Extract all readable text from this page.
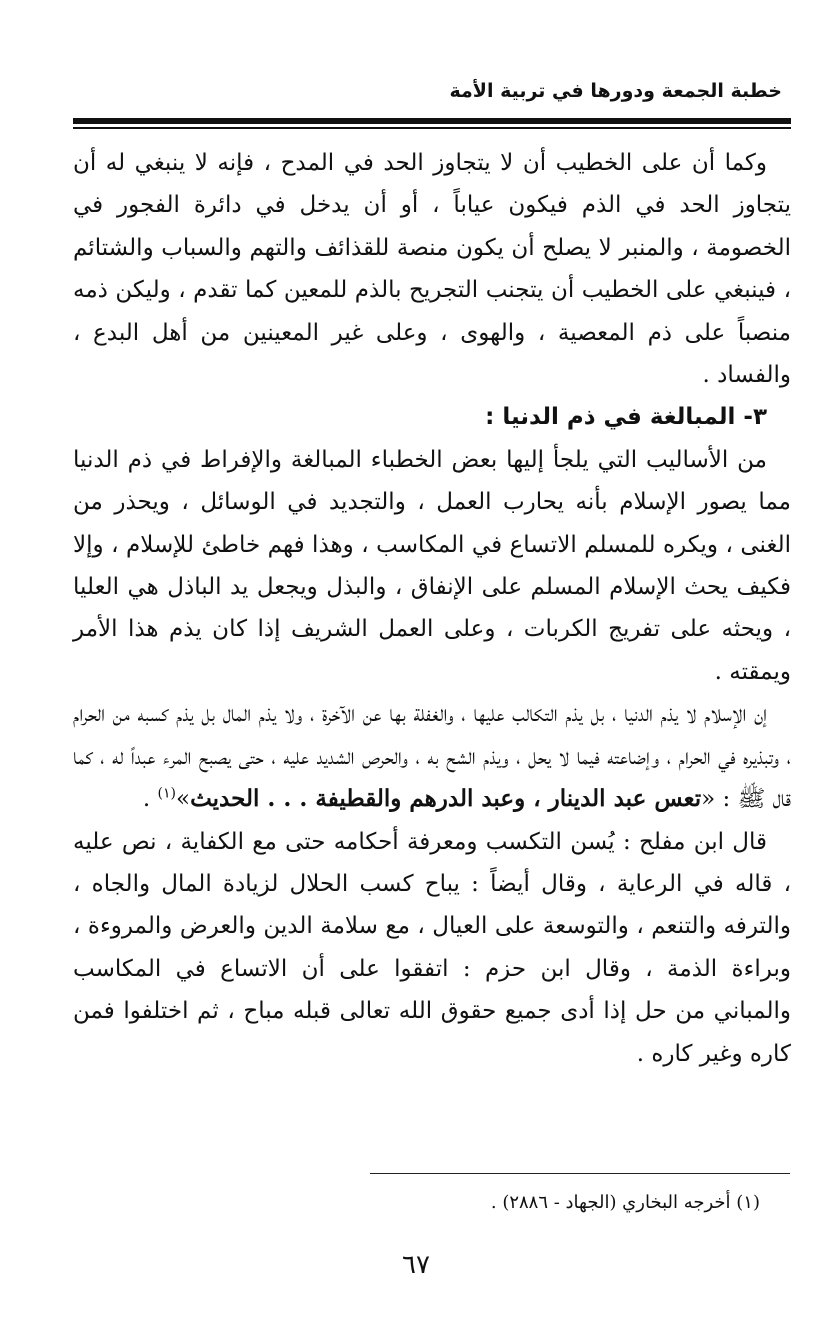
خطبة الجمعة ودورها في تربية الأمة

وكما أن على الخطيب أن لا يتجاوز الحد في المدح ، فإنه لا ينبغي له أن يتجاوز الحد في الذم فيكون عياباً ، أو أن يدخل في دائرة الفجور في الخصومة ، والمنبر لا يصلح أن يكون منصة للقذائف والتهم والسباب والشتائم ، فينبغي على الخطيب أن يتجنب التجريح بالذم للمعين كما تقدم ، وليكن ذمه منصباً على ذم المعصية ، والهوى ، وعلى غير المعينين من أهل البدع ، والفساد .

٣- المبالغة في ذم الدنيا :

من الأساليب التي يلجأ إليها بعض الخطباء المبالغة والإفراط في ذم الدنيا مما يصور الإسلام بأنه يحارب العمل ، والتجديد في الوسائل ، ويحذر من الغنى ، ويكره للمسلم الاتساع في المكاسب ، وهذا فهم خاطئ للإسلام ، وإلا فكيف يحث الإسلام المسلم على الإنفاق ، والبذل ويجعل يد الباذل هي العليا ، ويحثه على تفريج الكربات ، وعلى العمل الشريف إذا كان يذم هذا الأمر ويمقته .

إن الإسلام لا يذم الدنيا ، بل يذم التكالب عليها ، والغفلة بها عن الآخرة ، ولا يذم المال بل يذم كسبه من الحرام ، وتبذيره في الحرام ، وإضاعته فيما لا يحل ، ويذم الشح به ، والحرص الشديد عليه ، حتى يصبح المرء عبداً له ، كما قال ﷺ : «تعس عبد الدينار ، وعبد الدرهم والقطيفة . . . الحديث»$^{(١)}$ .

قال ابن مفلح : يُسن التكسب ومعرفة أحكامه حتى مع الكفاية ، نص عليه ، قاله في الرعاية ، وقال أيضاً : يباح كسب الحلال لزيادة المال والجاه ، والترفه والتنعم ، والتوسعة على العيال ، مع سلامة الدين والعرض والمروءة ، وبراءة الذمة ، وقال ابن حزم : اتفقوا على أن الاتساع في المكاسب والمباني من حل إذا أدى جميع حقوق الله تعالى قبله مباح ، ثم اختلفوا فمن كاره وغير كاره .

(١) أخرجه البخاري (الجهاد - ٢٨٨٦) .
٦٧
